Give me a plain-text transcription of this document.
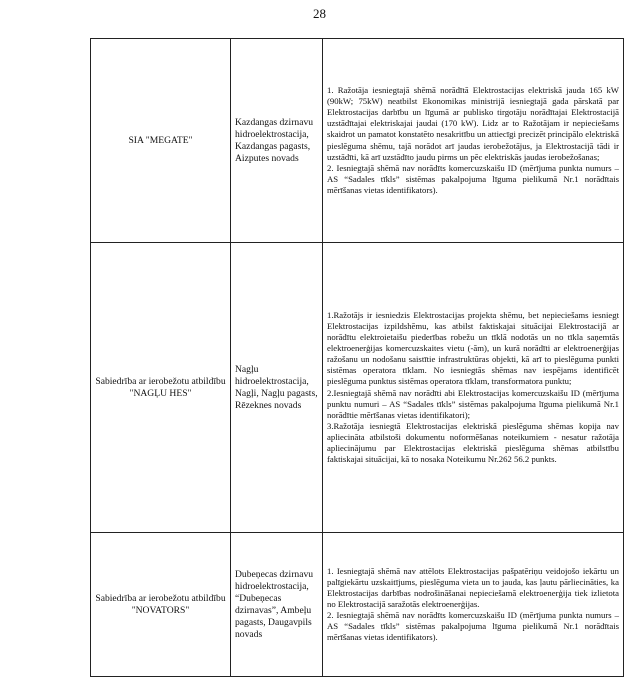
28
SIA "MEGATE"	Kazdangas dzirnavu hidroelektrostacija, Kazdangas pagasts, Aizputes novads	1. Ražotāja iesniegtajā shēmā norādītā Elektrostacijas elektriskā jauda 165 kW (90kW; 75kW) neatbilst Ekonomikas ministrijā iesniegtajā gada pārskatā par Elektrostacijas darbību un līgumā ar publisko tirgotāju norādītajai Elektrostacijā uzstādītajai elektriskajai jaudai (170 kW). Lidz ar to Ražotājam ir nepieciešams skaidrot un pamatot konstatēto nesakritību un attiecīgi precizēt principālo elektriskā pieslēguma shēmu, tajā norādot arī jaudas ierobežotājus, ja Elektrostacijā tādi ir uzstādīti, kā arī uzstādīto jaudu pirms un pēc elektriskās jaudas ierobežošanas;

2. Iesniegtajā shēmā nav norādīts komercuzskaišu ID (mērījuma punkta numurs – AS “Sadales tīkls” sistēmas pakalpojuma līguma pielikumā Nr.1 norādītais mērīšanas vietas identifikators).

Sabiedrība ar ierobežotu atbildību "NAGĻU HES"	Nagļu hidroelektrostacija, Nagļi, Nagļu pagasts, Rēzeknes novads	1.Ražotājs ir iesniedzis Elektrostacijas projekta shēmu, bet nepieciešams iesniegt Elektrostacijas izpildshēmu, kas atbilst faktiskajai situācijai Elektrostacijā ar norādītu elektroietaišu piederības robežu un tīklā nodotās un no tīkla saņemtās elektroenerģijas komercuzskaites vietu (-ām), un kurā norādīti ar elektroenerģijas ražošanu un nodošanu saistītie infrastruktūras objekti, kā arī to pieslēguma punkti sistēmas operatora tīklam. No iesniegtās shēmas nav iespējams identificēt pieslēguma punktus sistēmas operatora tīklam, transformatora punktu;

2.Iesniegtajā shēmā nav norādīti abi Elektrostacijas komercuzskaišu ID (mērījuma punktu numuri – AS “Sadales tīkls” sistēmas pakalpojuma līguma pielikumā Nr.1 norādītie mērīšanas vietas identifikatori);

3.Ražotāja iesniegtā Elektrostacijas elektriskā pieslēguma shēmas kopija nav apliecināta atbilstoši dokumentu noformēšanas noteikumiem - nesatur ražotāja apliecinājumu par Elektrostacijas elektriskā pieslēguma shēmas atbilstību faktiskajai situācijai, kā to nosaka Noteikumu Nr.262 56.2 punkts.

Sabiedrība ar ierobežotu atbildību "NOVATORS"	Dubeņecas dzirnavu hidroelektrostacija, “Dubeņecas dzirnavas”, Ambeļu pagasts, Daugavpils novads	1. Iesniegtajā shēmā nav attēlots Elektrostacijas pašpatēriņu veidojošo iekārtu un palīgiekārtu uzskaitījums, pieslēguma vieta un to jauda, kas ļautu pārliecināties, ka Elektrostacijas darbības nodrošināšanai nepieciešamā elektroenerģija tiek izlietota no Elektrostacijā saražotās elektroenerģijas.

2. Iesniegtajā shēmā nav norādīts komercuzskaišu ID (mērījuma punkta numurs – AS “Sadales tīkls” sistēmas pakalpojuma līguma pielikumā Nr.1 norādītais mērīšanas vietas identifikators).
